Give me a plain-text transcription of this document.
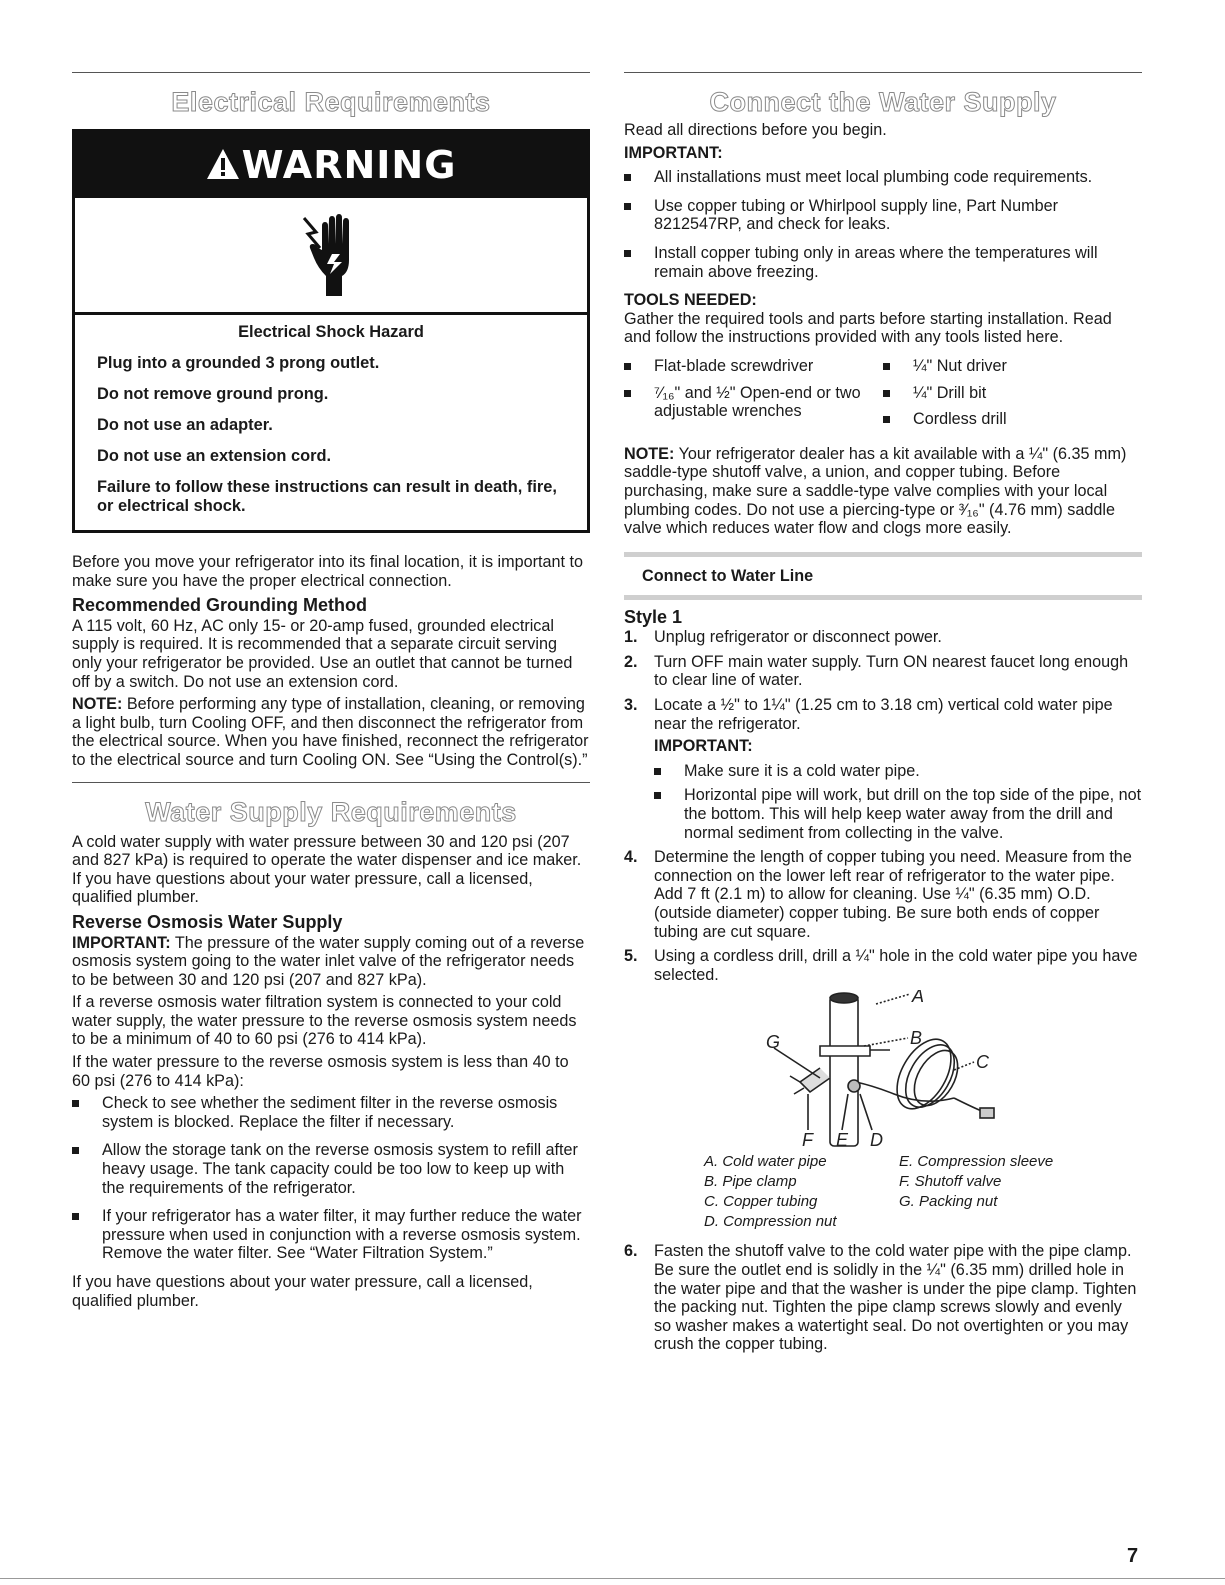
Electrical Requirements
WARNING
Electrical Shock Hazard

Plug into a grounded 3 prong outlet.

Do not remove ground prong.

Do not use an adapter.

Do not use an extension cord.

Failure to follow these instructions can result in death, fire, or electrical shock.

Before you move your refrigerator into its final location, it is important to make sure you have the proper electrical connection.

Recommended Grounding Method

A 115 volt, 60 Hz, AC only 15- or 20-amp fused, grounded electrical supply is required. It is recommended that a separate circuit serving only your refrigerator be provided. Use an outlet that cannot be turned off by a switch. Do not use an extension cord.

NOTE: Before performing any type of installation, cleaning, or removing a light bulb, turn Cooling OFF, and then disconnect the refrigerator from the electrical source. When you have finished, reconnect the refrigerator to the electrical source and turn Cooling ON. See “Using the Control(s).”

Water Supply Requirements

A cold water supply with water pressure between 30 and 120 psi (207 and 827 kPa) is required to operate the water dispenser and ice maker. If you have questions about your water pressure, call a licensed, qualified plumber.

Reverse Osmosis Water Supply

IMPORTANT: The pressure of the water supply coming out of a reverse osmosis system going to the water inlet valve of the refrigerator needs to be between 30 and 120 psi (207 and 827 kPa).

If a reverse osmosis water filtration system is connected to your cold water supply, the water pressure to the reverse osmosis system needs to be a minimum of 40 to 60 psi (276 to 414 kPa).

If the water pressure to the reverse osmosis system is less than 40 to 60 psi (276 to 414 kPa):

Check to see whether the sediment filter in the reverse osmosis system is blocked. Replace the filter if necessary.
Allow the storage tank on the reverse osmosis system to refill after heavy usage. The tank capacity could be too low to keep up with the requirements of the refrigerator.
If your refrigerator has a water filter, it may further reduce the water pressure when used in conjunction with a reverse osmosis system. Remove the water filter. See “Water Filtration System.”

If you have questions about your water pressure, call a licensed, qualified plumber.

Connect the Water Supply

Read all directions before you begin.

IMPORTANT:
All installations must meet local plumbing code requirements.
Use copper tubing or Whirlpool supply line, Part Number 8212547RP, and check for leaks.
Install copper tubing only in areas where the temperatures will remain above freezing.
TOOLS NEEDED:

Gather the required tools and parts before starting installation. Read and follow the instructions provided with any tools listed here.

Flat-blade screwdriver
⁷⁄₁₆" and ½" Open-end or two adjustable wrenches
¼" Nut driver
¼" Drill bit
Cordless drill

NOTE: Your refrigerator dealer has a kit available with a ¼" (6.35 mm) saddle-type shutoff valve, a union, and copper tubing. Before purchasing, make sure a saddle-type valve complies with your local plumbing codes. Do not use a piercing-type or ³⁄₁₆" (4.76 mm) saddle valve which reduces water flow and clogs more easily.

Connect to Water Line
Style 1
1. Unplug refrigerator or disconnect power.
2. Turn OFF main water supply. Turn ON nearest faucet long enough to clear line of water.
3. Locate a ½" to 1¼" (1.25 cm to 3.18 cm) vertical cold water pipe near the refrigerator.
IMPORTANT:
Make sure it is a cold water pipe.
Horizontal pipe will work, but drill on the top side of the pipe, not the bottom. This will help keep water away from the drill and normal sediment from collecting in the valve.
4. Determine the length of copper tubing you need. Measure from the connection on the lower left rear of refrigerator to the water pipe. Add 7 ft (2.1 m) to allow for cleaning. Use ¼" (6.35 mm) O.D. (outside diameter) copper tubing. Be sure both ends of copper tubing are cut square.
5. Using a cordless drill, drill a ¼" hole in the cold water pipe you have selected.
A
B
C
G
F E D
A. Cold water pipe
B. Pipe clamp
C. Copper tubing
D. Compression nut
E. Compression sleeve
F. Shutoff valve
G. Packing nut
6. Fasten the shutoff valve to the cold water pipe with the pipe clamp. Be sure the outlet end is solidly in the ¼" (6.35 mm) drilled hole in the water pipe and that the washer is under the pipe clamp. Tighten the packing nut. Tighten the pipe clamp screws slowly and evenly so washer makes a watertight seal. Do not overtighten or you may crush the copper tubing.
7
